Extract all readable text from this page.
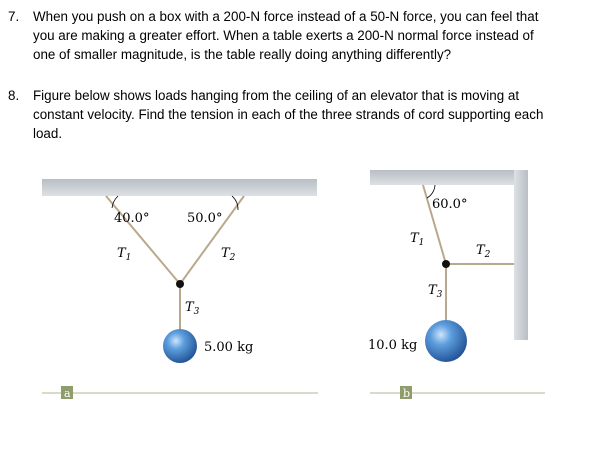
7. When you push on a box with a 200-N force instead of a 50-N force, you can feel that
you are making a greater effort. When a table exerts a 200-N normal force instead of
one of smaller magnitude, is the table really doing anything differently?
8. Figure below shows loads hanging from the ceiling of an elevator that is moving at
constant velocity. Find the tension in each of the three strands of cord supporting each
load.
40.0°	50.0°
$T_1$	$T_2$
$T_3$
5.00 kg
a
60.0°
$T_1$	$T_2$
$T_3$
10.0 kg
b
